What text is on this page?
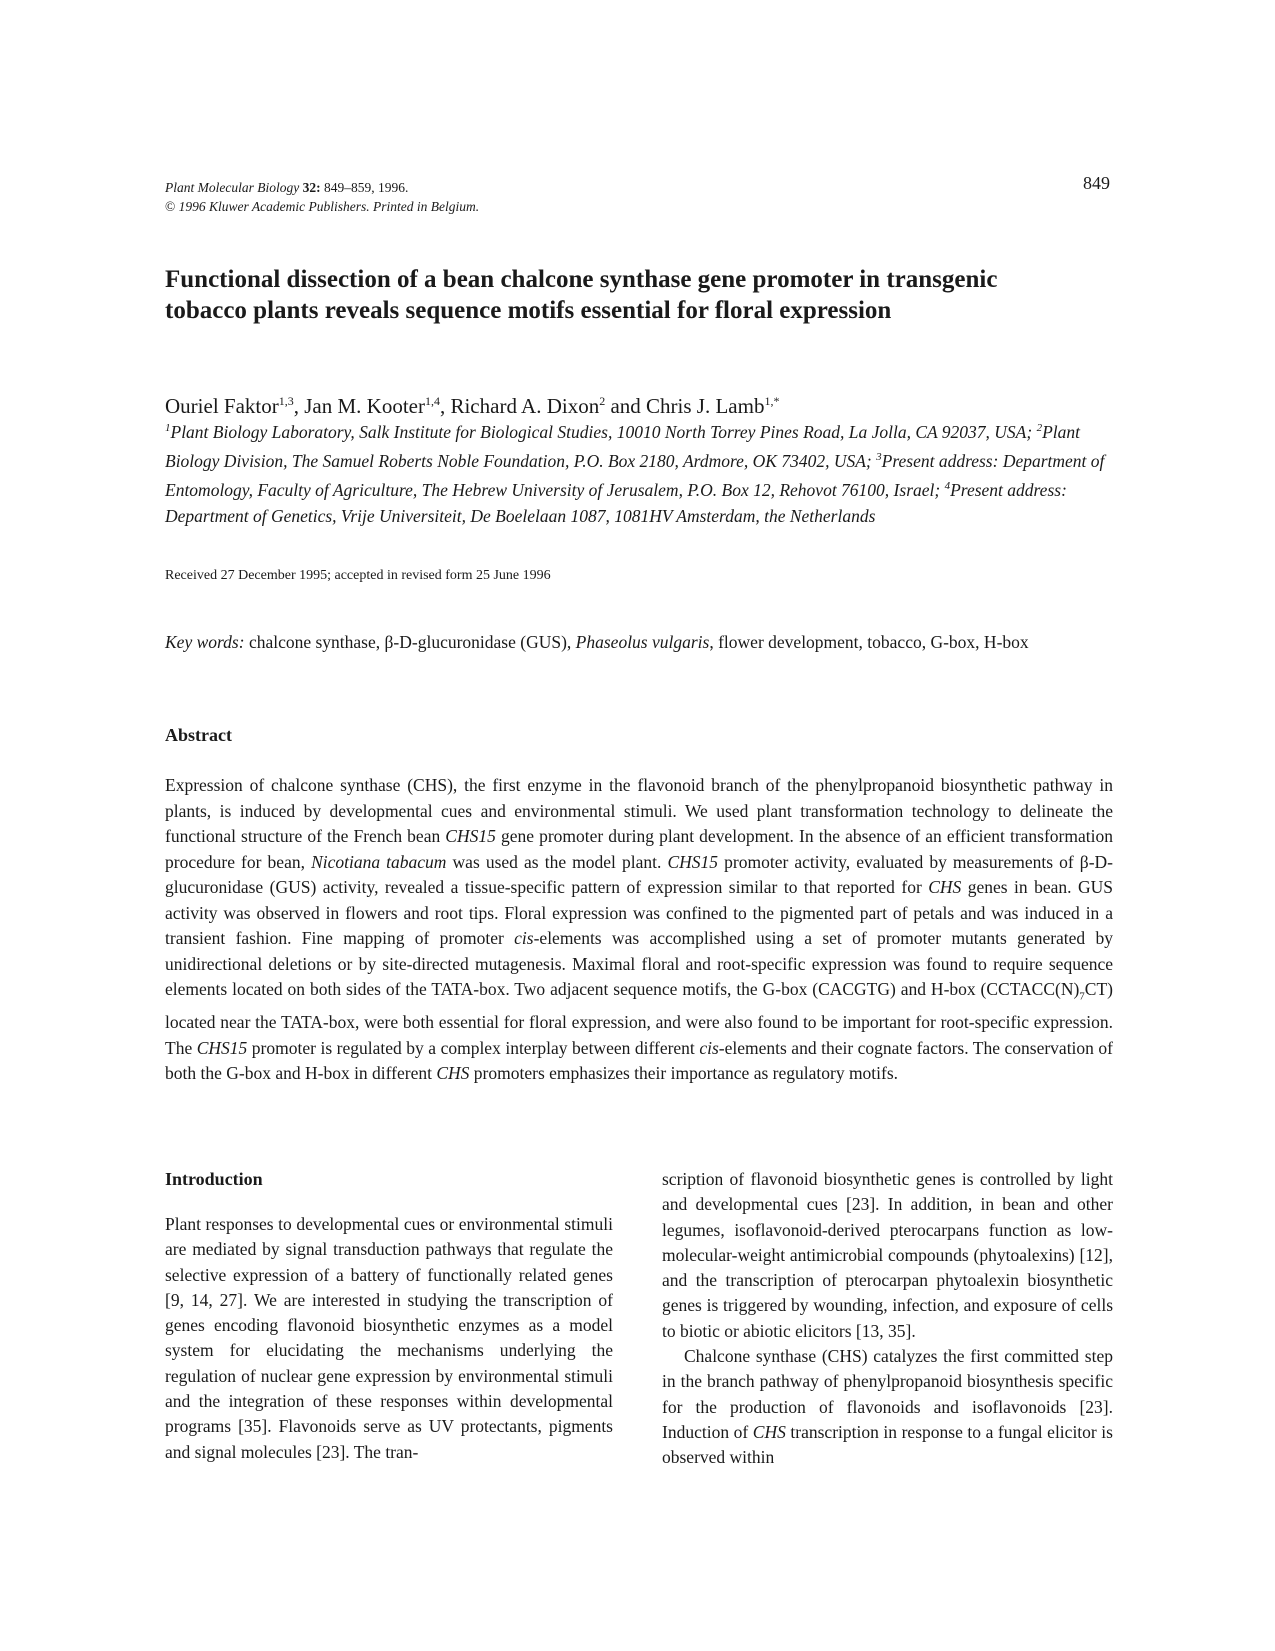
Plant Molecular Biology 32: 849–859, 1996.
© 1996 Kluwer Academic Publishers. Printed in Belgium.
849
Functional dissection of a bean chalcone synthase gene promoter in transgenic tobacco plants reveals sequence motifs essential for floral expression
Ouriel Faktor$^{1,3}$, Jan M. Kooter$^{1,4}$, Richard A. Dixon$^2$ and Chris J. Lamb$^{1,*}$
$^1$Plant Biology Laboratory, Salk Institute for Biological Studies, 10010 North Torrey Pines Road, La Jolla, CA 92037, USA; $^2$Plant Biology Division, The Samuel Roberts Noble Foundation, P.O. Box 2180, Ardmore, OK 73402, USA; $^3$Present address: Department of Entomology, Faculty of Agriculture, The Hebrew University of Jerusalem, P.O. Box 12, Rehovot 76100, Israel; $^4$Present address: Department of Genetics, Vrije Universiteit, De Boelelaan 1087, 1081HV Amsterdam, the Netherlands
Received 27 December 1995; accepted in revised form 25 June 1996
Key words: chalcone synthase, β-D-glucuronidase (GUS), Phaseolus vulgaris, flower development, tobacco, G-box, H-box
Abstract

Expression of chalcone synthase (CHS), the first enzyme in the flavonoid branch of the phenylpropanoid biosynthetic pathway in plants, is induced by developmental cues and environmental stimuli. We used plant transformation technology to delineate the functional structure of the French bean CHS15 gene promoter during plant development. In the absence of an efficient transformation procedure for bean, Nicotiana tabacum was used as the model plant. CHS15 promoter activity, evaluated by measurements of β-D-glucuronidase (GUS) activity, revealed a tissue-specific pattern of expression similar to that reported for CHS genes in bean. GUS activity was observed in flowers and root tips. Floral expression was confined to the pigmented part of petals and was induced in a transient fashion. Fine mapping of promoter cis-elements was accomplished using a set of promoter mutants generated by unidirectional deletions or by site-directed mutagenesis. Maximal floral and root-specific expression was found to require sequence elements located on both sides of the TATA-box. Two adjacent sequence motifs, the G-box (CACGTG) and H-box $(CCTACC(N)_7CT)$ located near the TATA-box, were both essential for floral expression, and were also found to be important for root-specific expression. The CHS15 promoter is regulated by a complex interplay between different cis-elements and their cognate factors. The conservation of both the G-box and H-box in different CHS promoters emphasizes their importance as regulatory motifs.

Introduction

Plant responses to developmental cues or environmental stimuli are mediated by signal transduction pathways that regulate the selective expression of a battery of functionally related genes [9, 14, 27]. We are interested in studying the transcription of genes encoding flavonoid biosynthetic enzymes as a model system for elucidating the mechanisms underlying the regulation of nuclear gene expression by environmental stimuli and the integration of these responses within developmental programs [35]. Flavonoids serve as UV protectants, pigments and signal molecules [23]. The tran-

scription of flavonoid biosynthetic genes is controlled by light and developmental cues [23]. In addition, in bean and other legumes, isoflavonoid-derived pterocarpans function as low-molecular-weight antimicrobial compounds (phytoalexins) [12], and the transcription of pterocarpan phytoalexin biosynthetic genes is triggered by wounding, infection, and exposure of cells to biotic or abiotic elicitors [13, 35].

Chalcone synthase (CHS) catalyzes the first committed step in the branch pathway of phenylpropanoid biosynthesis specific for the production of flavonoids and isoflavonoids [23]. Induction of CHS transcription in response to a fungal elicitor is observed within
